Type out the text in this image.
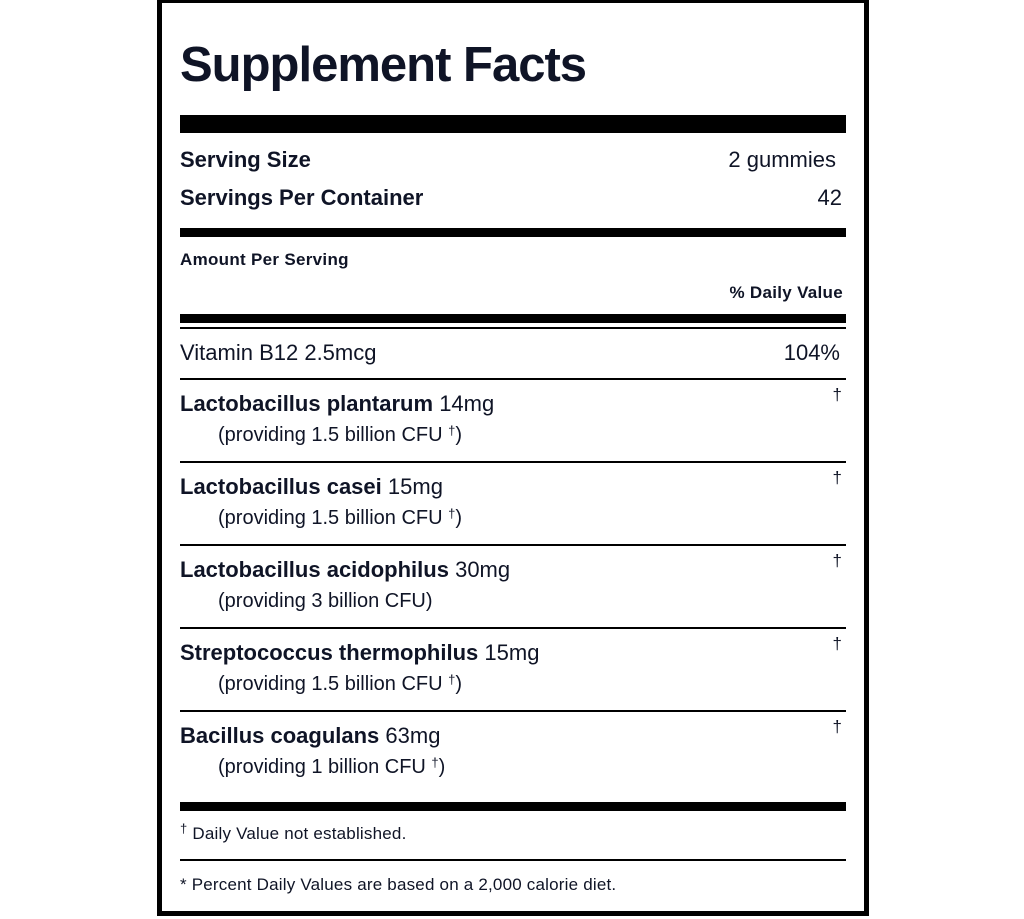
Supplement Facts
Serving Size	2 gummies
Servings Per Container	42
Amount Per Serving
% Daily Value
Vitamin B12 2.5mcg	104%
Lactobacillus plantarum 14mg	†
(providing 1.5 billion CFU †)
Lactobacillus casei 15mg	†
(providing 1.5 billion CFU †)
Lactobacillus acidophilus 30mg	†
(providing 3 billion CFU)
Streptococcus thermophilus 15mg	†
(providing 1.5 billion CFU †)
Bacillus coagulans 63mg	†
(providing 1 billion CFU †)
† Daily Value not established.
* Percent Daily Values are based on a 2,000 calorie diet.
